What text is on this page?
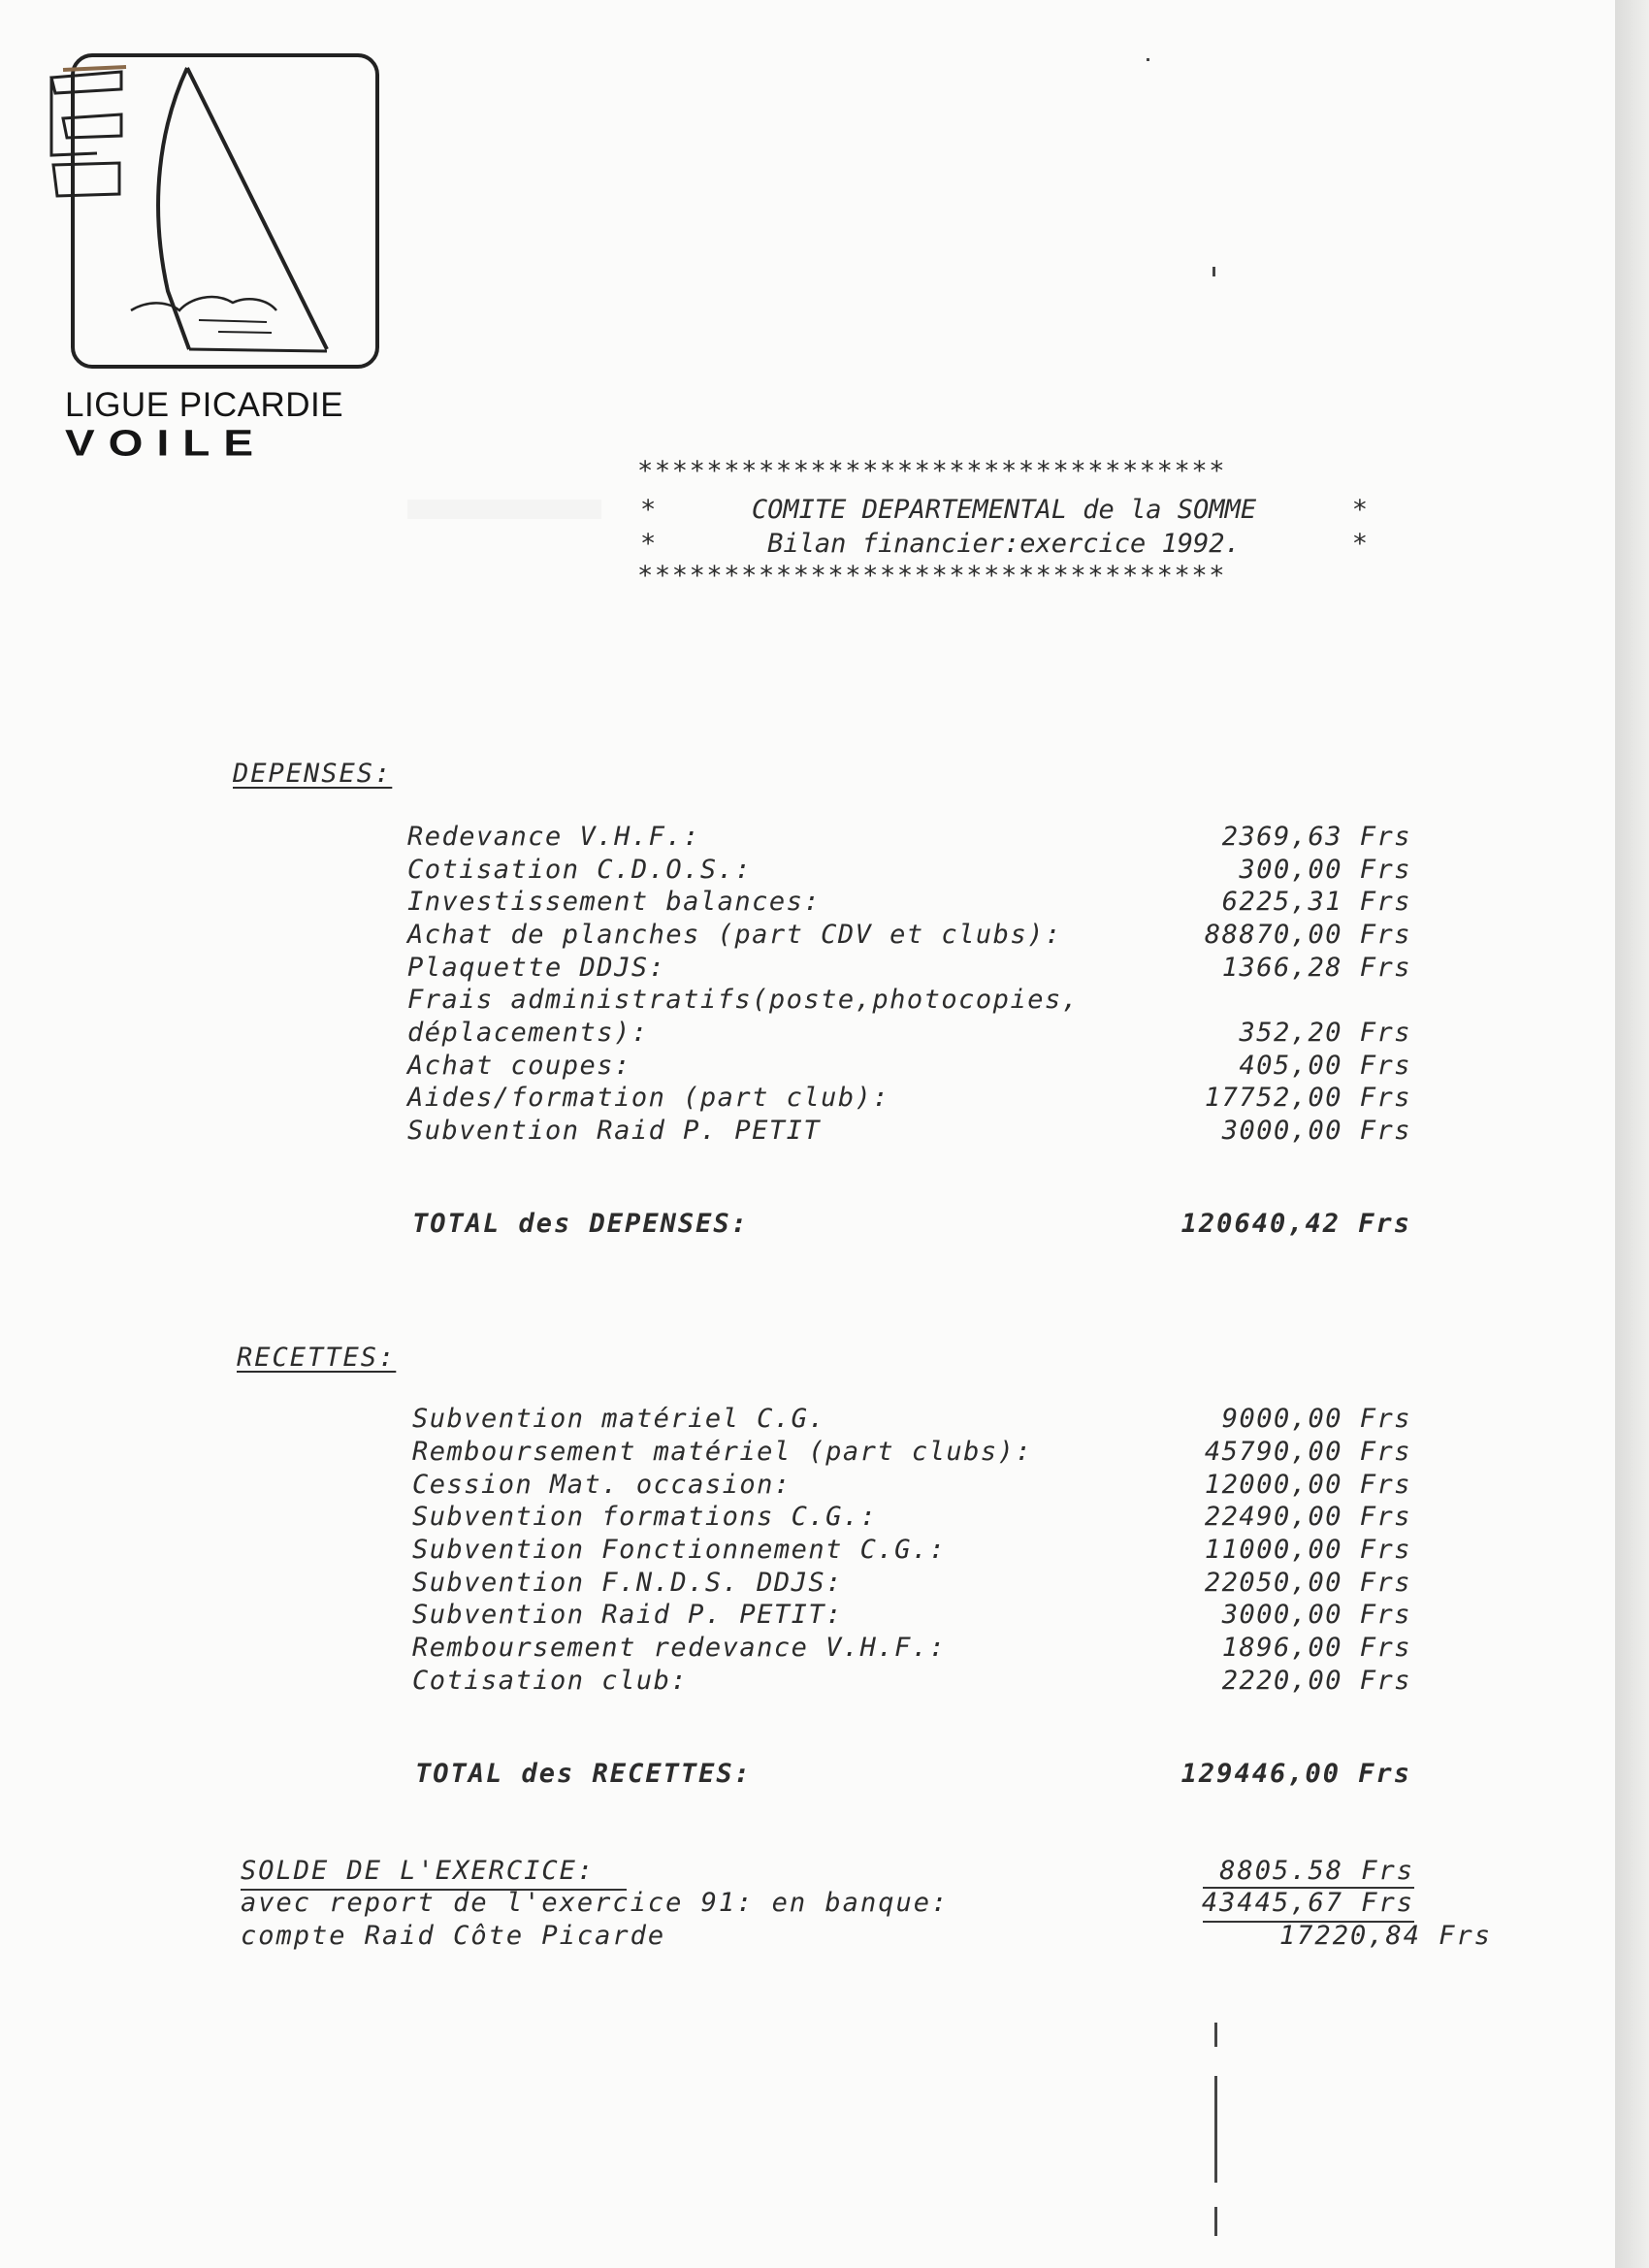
LIGUE PICARDIE
VOILE
**********************************
*	COMITE DEPARTEMENTAL de la SOMME	*
*	Bilan financier:exercice 1992.	*
**********************************
DEPENSES:
Redevance V.H.F.:	2369,63 Frs
Cotisation C.D.O.S.:	300,00 Frs
Investissement balances:	6225,31 Frs
Achat de planches (part CDV et clubs):	88870,00 Frs
Plaquette DDJS:	1366,28 Frs
Frais administratifs(poste,photocopies,
déplacements):	352,20 Frs
Achat coupes:	405,00 Frs
Aides/formation (part club):	17752,00 Frs
Subvention Raid P. PETIT	3000,00 Frs
TOTAL des DEPENSES:	120640,42 Frs
RECETTES:
Subvention matériel C.G.	9000,00 Frs
Remboursement matériel (part clubs):	45790,00 Frs
Cession Mat. occasion:	12000,00 Frs
Subvention formations C.G.:	22490,00 Frs
Subvention Fonctionnement C.G.:	11000,00 Frs
Subvention F.N.D.S. DDJS:	22050,00 Frs
Subvention Raid P. PETIT:	3000,00 Frs
Remboursement redevance V.H.F.:	1896,00 Frs
Cotisation club:	2220,00 Frs
TOTAL des RECETTES:	129446,00 Frs
SOLDE DE L'EXERCICE:	8805.58 Frs
avec report de l'exercice 91: en banque:	43445,67 Frs
compte Raid Côte Picarde	17220,84 Frs
